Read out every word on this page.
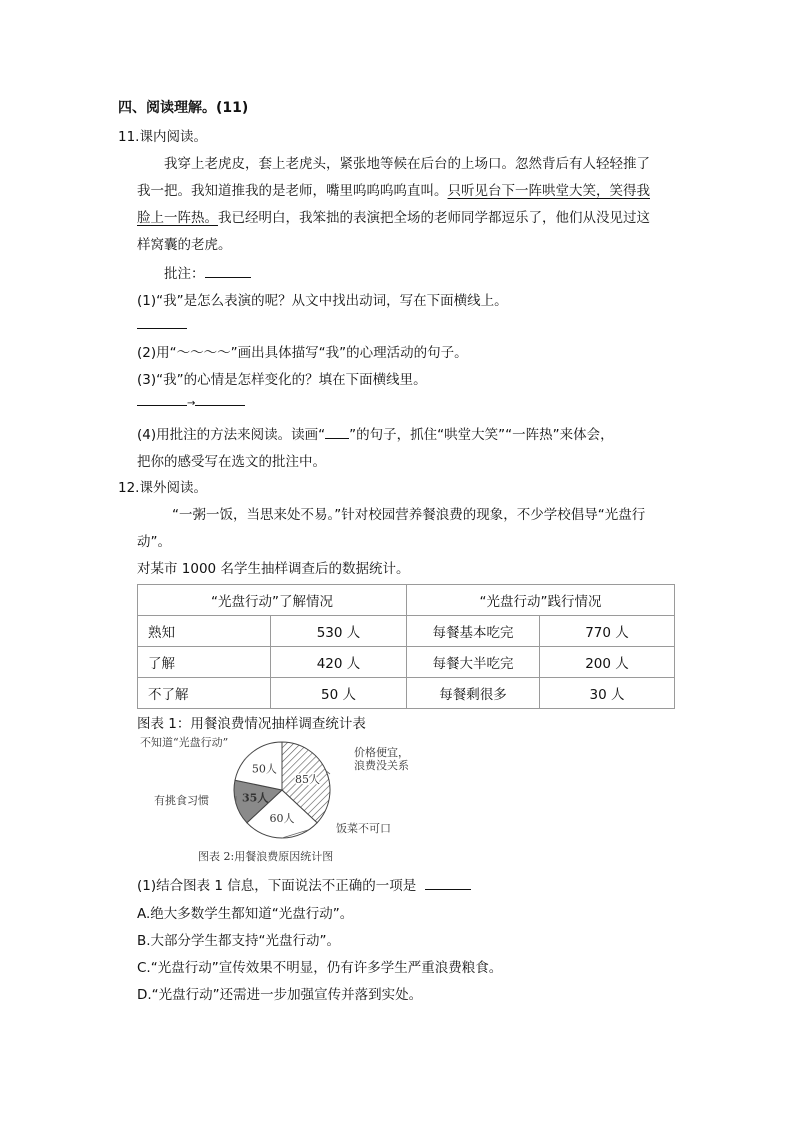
四、阅读理解。(11)
11.课内阅读。
我穿上老虎皮，套上老虎头，紧张地等候在后台的上场口。忽然背后有人轻轻推了
我一把。我知道推我的是老师，嘴里呜呜呜呜直叫。只听见台下一阵哄堂大笑，笑得我
脸上一阵热。我已经明白，我笨拙的表演把全场的老师同学都逗乐了，他们从没见过这
样窝囊的老虎。
批注：
(1)“我”是怎么表演的呢？从文中找出动词，写在下面横线上。
(2)用“～～～～”画出具体描写“我”的心理活动的句子。
(3)“我”的心情是怎样变化的？填在下面横线里。
→
(4)用批注的方法来阅读。读画“ ”的句子，抓住“哄堂大笑”“一阵热”来体会，
把你的感受写在选文的批注中。
12.课外阅读。
“一粥一饭，当思来处不易。”针对校园营养餐浪费的现象，不少学校倡导“光盘行
动”。
对某市 1000 名学生抽样调查后的数据统计。
“光盘行动”了解情况		“光盘行动”践行情况	
熟知	530 人	每餐基本吃完	770 人
了解	420 人	每餐大半吃完	200 人
不了解	50 人	每餐剩很多	30 人
图表 1：用餐浪费情况抽样调查统计表
85人
60人
35人
50人
价格便宜，浪费没关系
饭菜不可口
有挑食习惯
不知道“光盘行动”
图表 2:用餐浪费原因统计图
(1)结合图表 1 信息，下面说法不正确的一项是
A.绝大多数学生都知道“光盘行动”。
B.大部分学生都支持“光盘行动”。
C.“光盘行动”宣传效果不明显，仍有许多学生严重浪费粮食。
D.“光盘行动”还需进一步加强宣传并落到实处。
